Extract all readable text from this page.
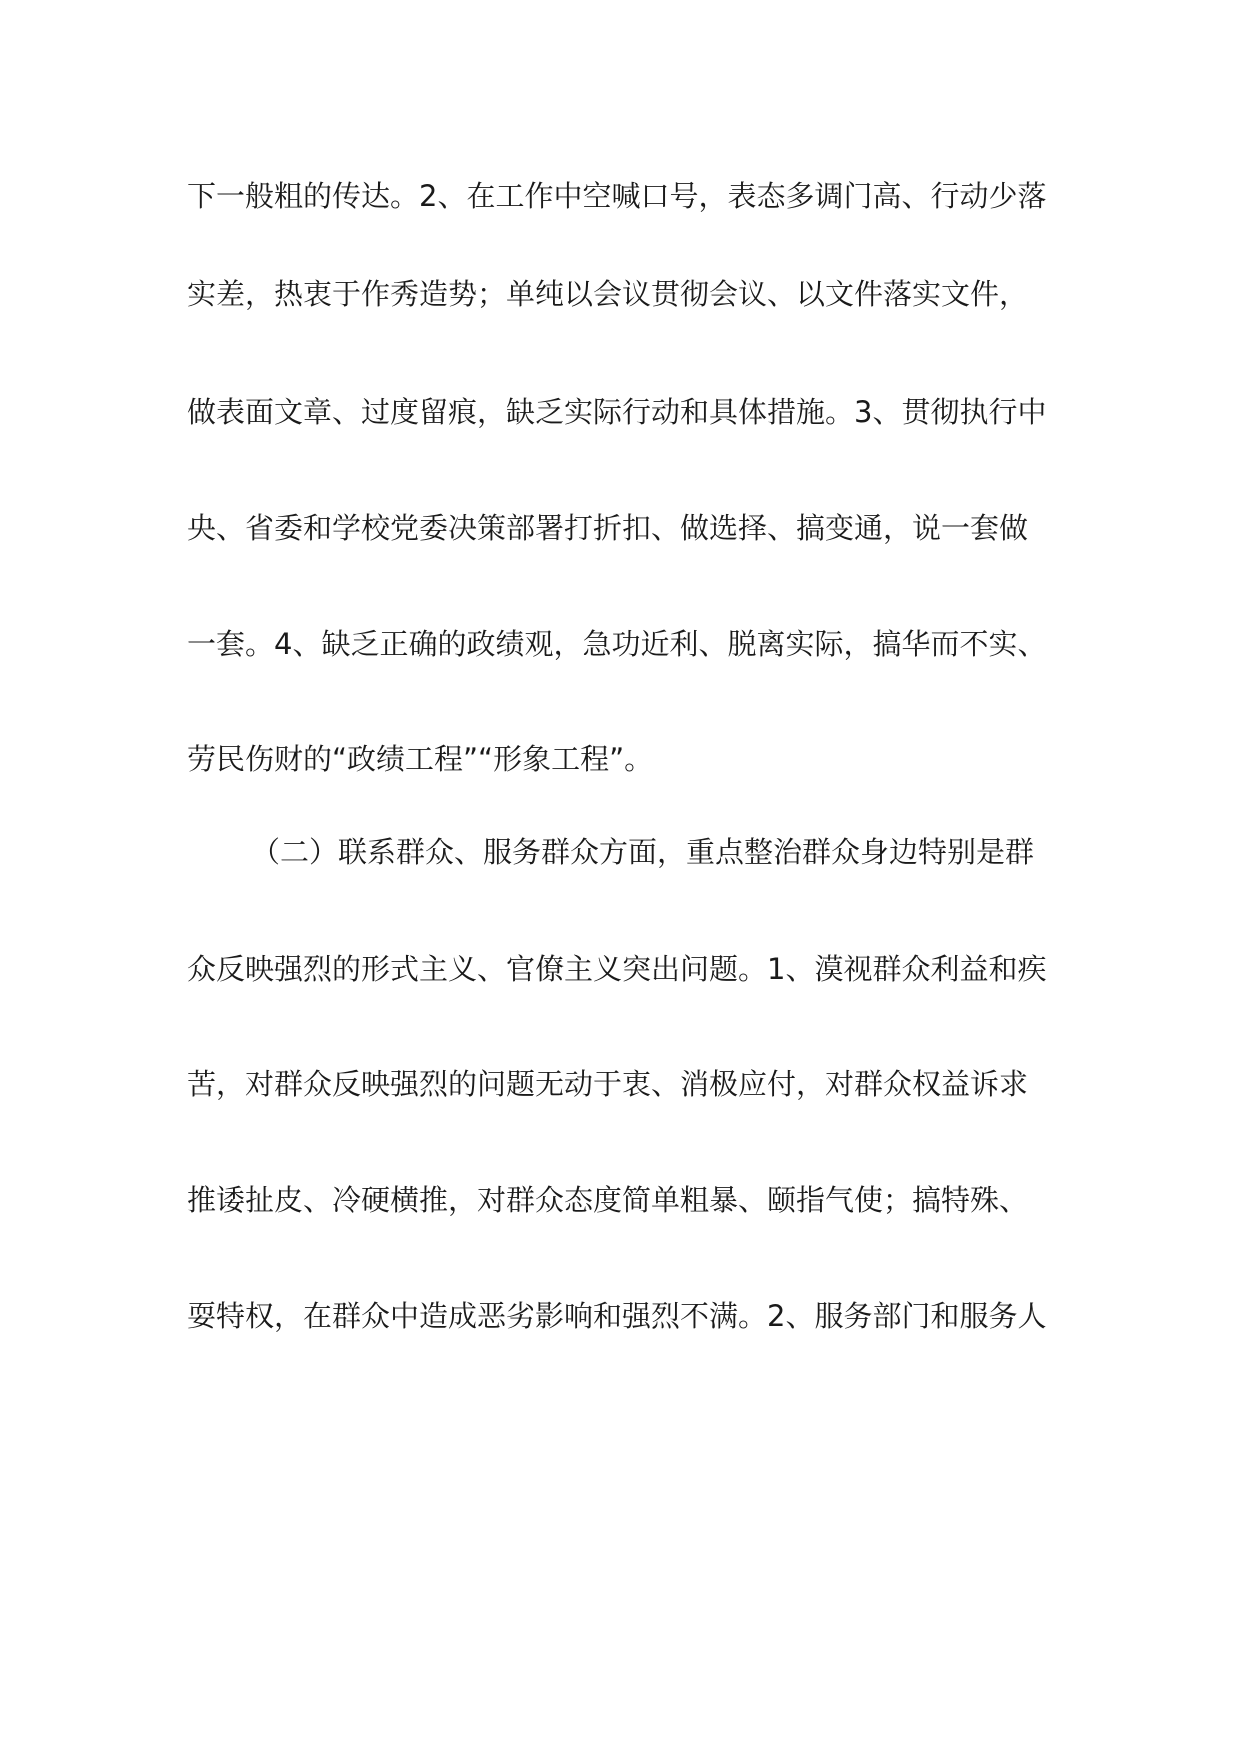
下一般粗的传达。2、在工作中空喊口号，表态多调门高、行动少落
实差，热衷于作秀造势；单纯以会议贯彻会议、以文件落实文件，
做表面文章、过度留痕，缺乏实际行动和具体措施。3、贯彻执行中
央、省委和学校党委决策部署打折扣、做选择、搞变通，说一套做
一套。4、缺乏正确的政绩观，急功近利、脱离实际，搞华而不实、
劳民伤财的“政绩工程”“形象工程”。
（二）联系群众、服务群众方面，重点整治群众身边特别是群
众反映强烈的形式主义、官僚主义突出问题。1、漠视群众利益和疾
苦，对群众反映强烈的问题无动于衷、消极应付，对群众权益诉求
推诿扯皮、冷硬横推，对群众态度简单粗暴、颐指气使；搞特殊、
耍特权，在群众中造成恶劣影响和强烈不满。2、服务部门和服务人
